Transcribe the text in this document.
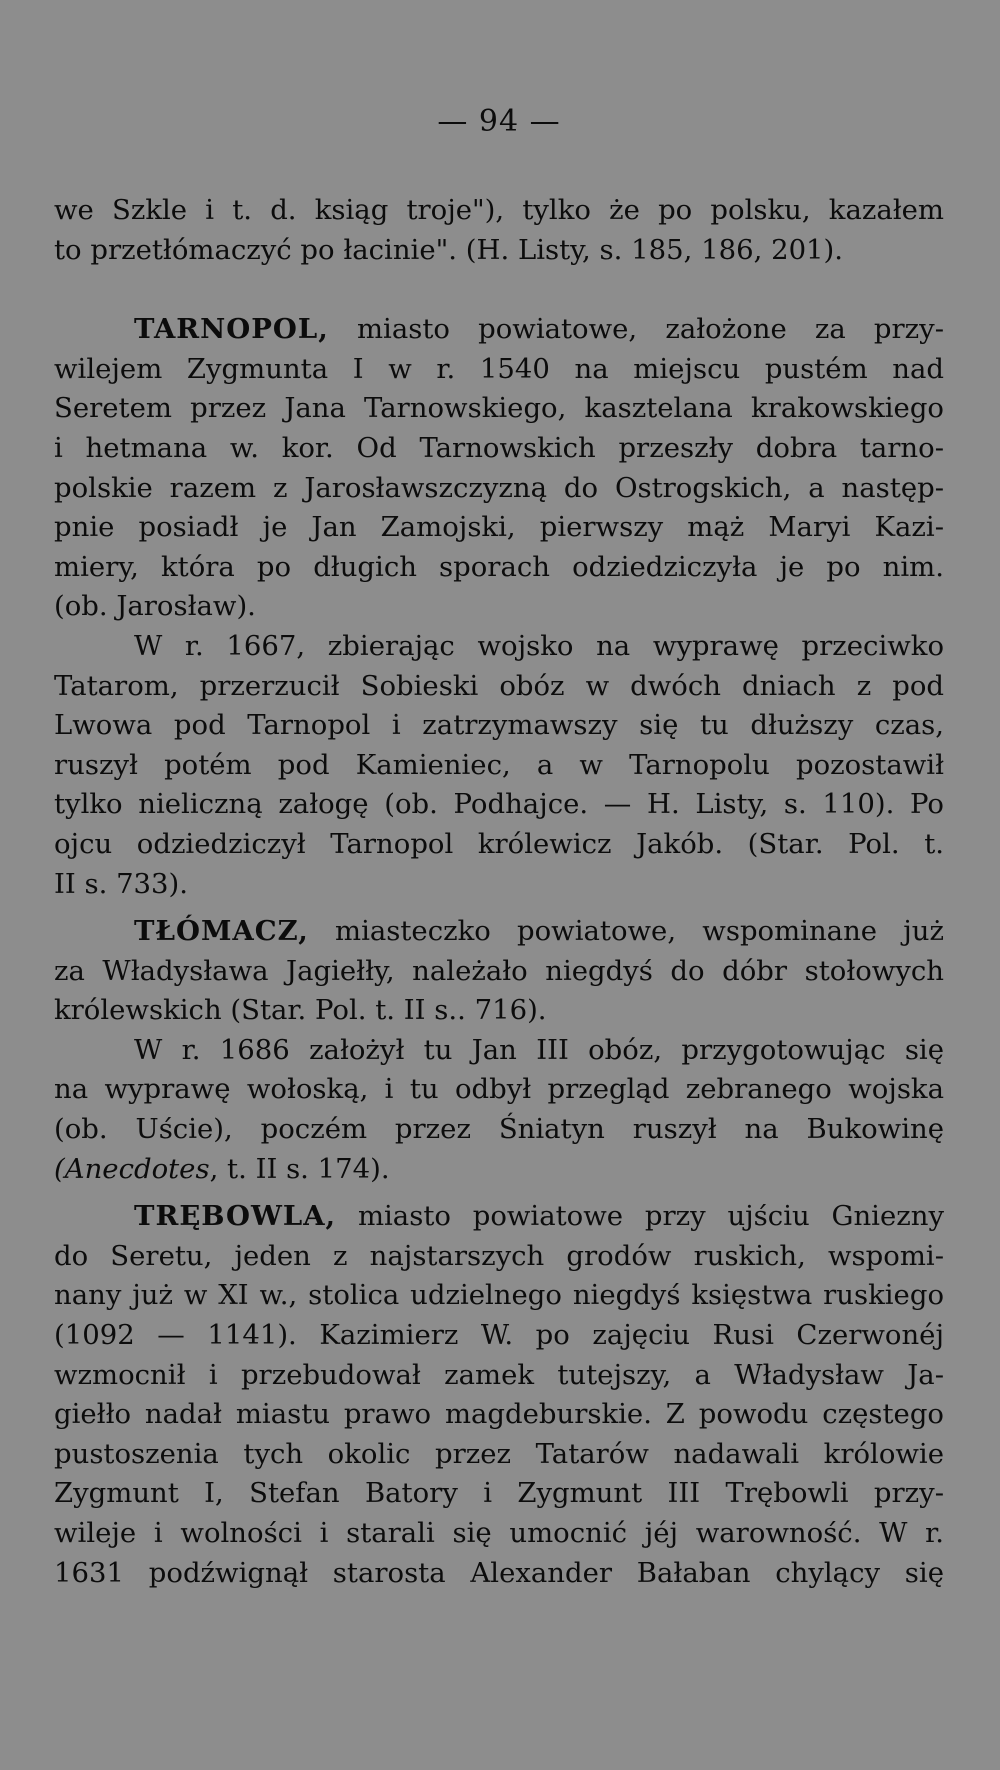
— 94 —
we Szkle i t. d. ksiąg troje"), tylko że po polsku, kazałem
to przetłómaczyć po łacinie". (H. Listy, s. 185, 186, 201).
TARNOPOL, miasto powiatowe, założone za przy-
wilejem Zygmunta I w r. 1540 na miejscu pustém nad
Seretem przez Jana Tarnowskiego, kasztelana krakowskiego
i hetmana w. kor. Od Tarnowskich przeszły dobra tarno-
polskie razem z Jarosławszczyzną do Ostrogskich, a następ-
pnie posiadł je Jan Zamojski, pierwszy mąż Maryi Kazi-
miery, która po długich sporach odziedziczyła je po nim.
(ob. Jarosław).
W r. 1667, zbierając wojsko na wyprawę przeciwko
Tatarom, przerzucił Sobieski obóz w dwóch dniach z pod
Lwowa pod Tarnopol i zatrzymawszy się tu dłuższy czas,
ruszył potém pod Kamieniec, a w Tarnopolu pozostawił
tylko nieliczną załogę (ob. Podhajce. — H. Listy, s. 110). Po
ojcu odziedziczył Tarnopol królewicz Jakób. (Star. Pol. t.
II s. 733).
TŁÓMACZ, miasteczko powiatowe, wspominane już
za Władysława Jagiełły, należało niegdyś do dóbr stołowych
królewskich (Star. Pol. t. II s.. 716).
W r. 1686 założył tu Jan III obóz, przygotowując się
na wyprawę wołoską, i tu odbył przegląd zebranego wojska
(ob. Uście), poczém przez Śniatyn ruszył na Bukowinę
(Anecdotes, t. II s. 174).
TRĘBOWLA, miasto powiatowe przy ujściu Gniezny
do Seretu, jeden z najstarszych grodów ruskich, wspomi-
nany już w XI w., stolica udzielnego niegdyś księstwa ruskiego
(1092 — 1141). Kazimierz W. po zajęciu Rusi Czerwonéj
wzmocnił i przebudował zamek tutejszy, a Władysław Ja-
giełło nadał miastu prawo magdeburskie. Z powodu częstego
pustoszenia tych okolic przez Tatarów nadawali królowie
Zygmunt I, Stefan Batory i Zygmunt III Trębowli przy-
wileje i wolności i starali się umocnić jéj warowność. W r.
1631 podźwignął starosta Alexander Bałaban chylący się
